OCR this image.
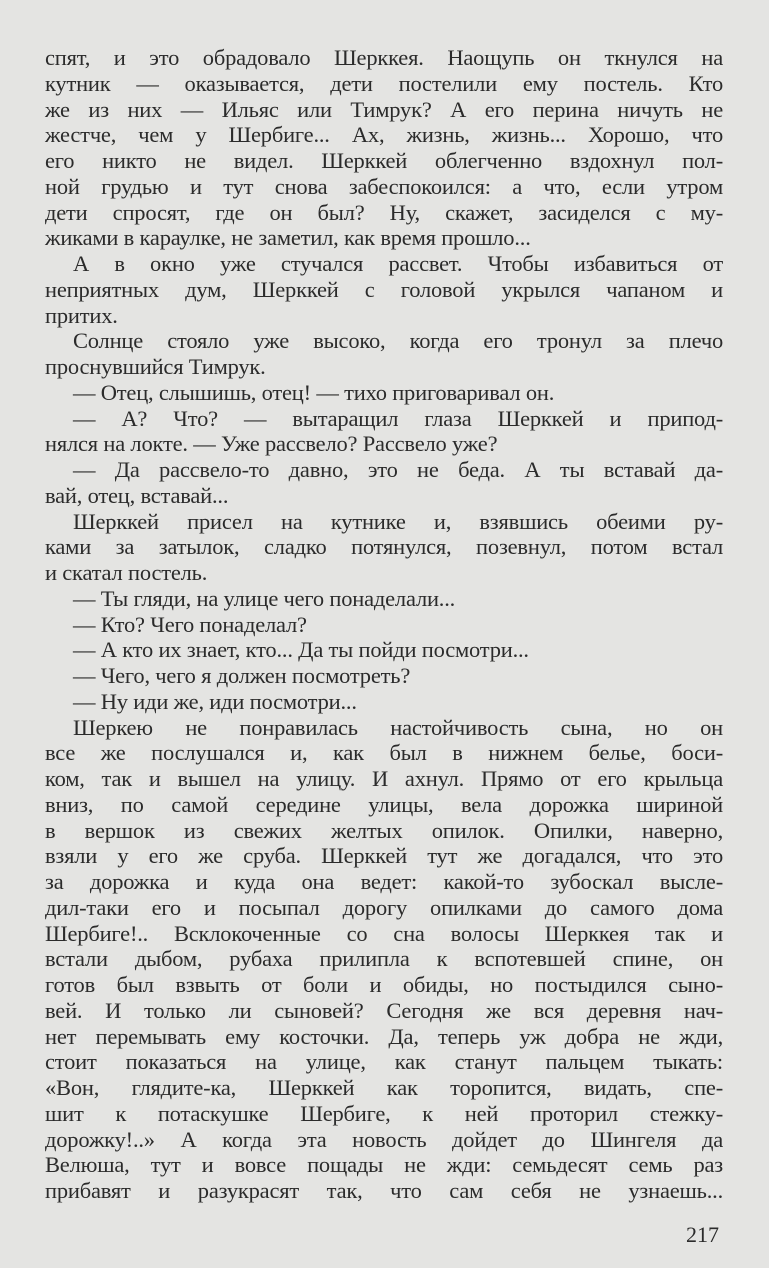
спят, и это обрадовало Шерккея. Наощупь он ткнулся на
кутник — оказывается, дети постелили ему постель. Кто
же из них — Ильяс или Тимрук? А его перина ничуть не
жестче, чем у Шербиге... Ах, жизнь, жизнь... Хорошо, что
его никто не видел. Шерккей облегченно вздохнул пол-
ной грудью и тут снова забеспокоился: а что, если утром
дети спросят, где он был? Ну, скажет, засиделся с му-
жиками в караулке, не заметил, как время прошло...
А в окно уже стучался рассвет. Чтобы избавиться от
неприятных дум, Шерккей с головой укрылся чапаном и
притих.
Солнце стояло уже высоко, когда его тронул за плечо
проснувшийся Тимрук.
— Отец, слышишь, отец! — тихо приговаривал он.
— А? Что? — вытаращил глаза Шерккей и припод-
нялся на локте. — Уже рассвело? Рассвело уже?
— Да рассвело-то давно, это не беда. А ты вставай да-
вай, отец, вставай...
Шерккей присел на кутнике и, взявшись обеими ру-
ками за затылок, сладко потянулся, позевнул, потом встал
и скатал постель.
— Ты гляди, на улице чего понаделали...
— Кто? Чего понаделал?
— А кто их знает, кто... Да ты пойди посмотри...
— Чего, чего я должен посмотреть?
— Ну иди же, иди посмотри...
Шеркею не понравилась настойчивость сына, но он
все же послушался и, как был в нижнем белье, боси-
ком, так и вышел на улицу. И ахнул. Прямо от его крыльца
вниз, по самой середине улицы, вела дорожка шириной
в вершок из свежих желтых опилок. Опилки, наверно,
взяли у его же сруба. Шерккей тут же догадался, что это
за дорожка и куда она ведет: какой-то зубоскал высле-
дил-таки его и посыпал дорогу опилками до самого дома
Шербиге!.. Всклокоченные со сна волосы Шерккея так и
встали дыбом, рубаха прилипла к вспотевшей спине, он
готов был взвыть от боли и обиды, но постыдился сыно-
вей. И только ли сыновей? Сегодня же вся деревня нач-
нет перемывать ему косточки. Да, теперь уж добра не жди,
стоит показаться на улице, как станут пальцем тыкать:
«Вон, глядите-ка, Шерккей как торопится, видать, спе-
шит к потаскушке Шербиге, к ней проторил стежку-
дорожку!..» А когда эта новость дойдет до Шингеля да
Велюша, тут и вовсе пощады не жди: семьдесят семь раз
прибавят и разукрасят так, что сам себя не узнаешь...
217
